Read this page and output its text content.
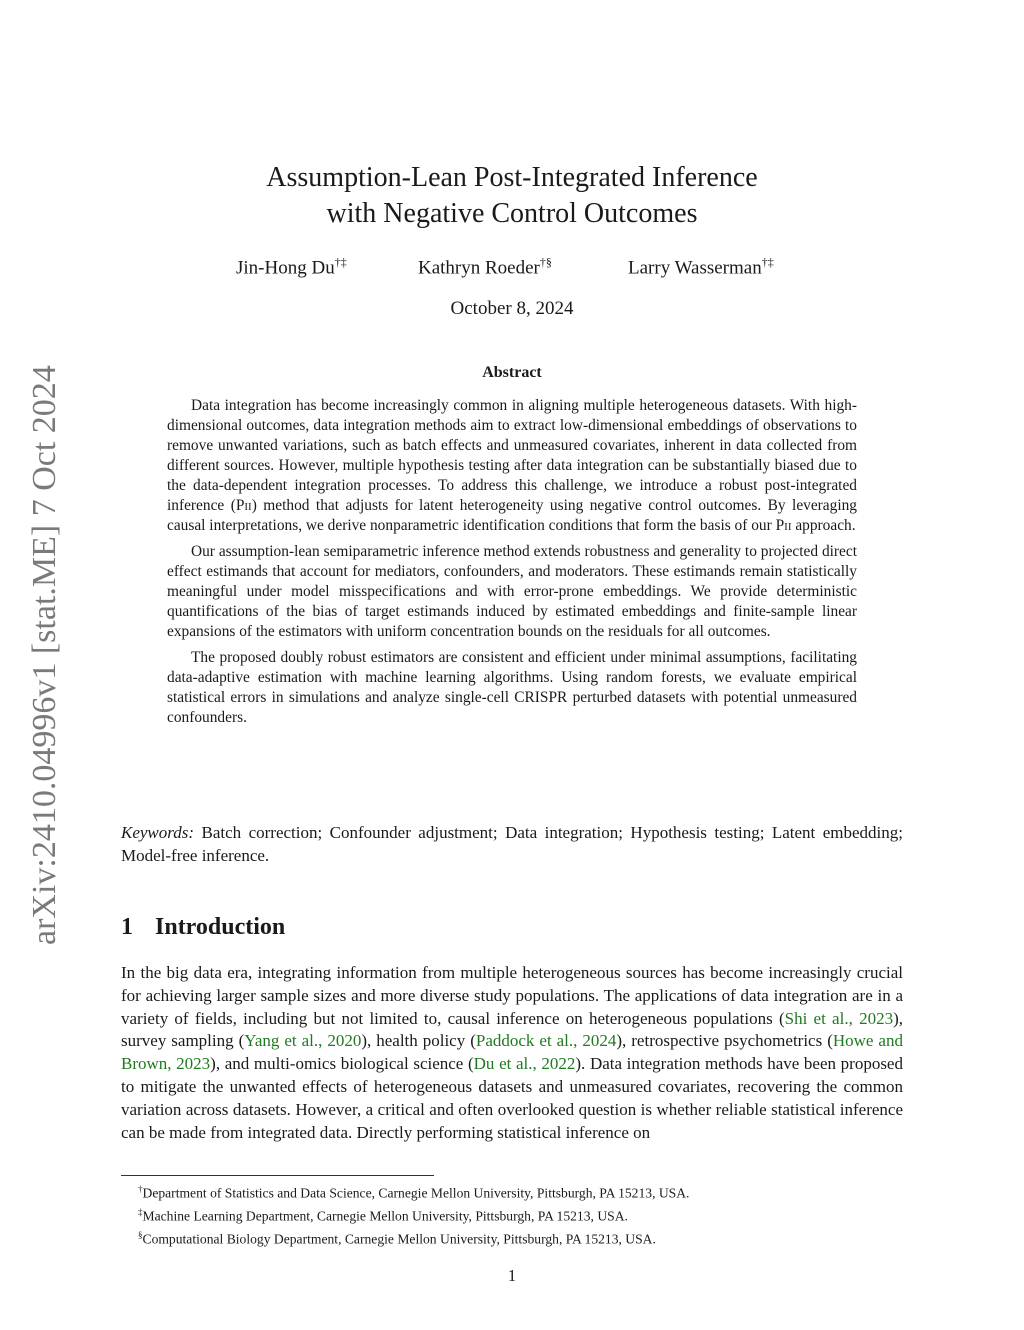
arXiv:2410.04996v1 [stat.ME] 7 Oct 2024
Assumption-Lean Post-Integrated Inference
with Negative Control Outcomes
Jin-Hong Du†‡	Kathryn Roeder†§	Larry Wasserman†‡
October 8, 2024
Abstract

Data integration has become increasingly common in aligning multiple heterogeneous datasets. With high-dimensional outcomes, data integration methods aim to extract low-dimensional embeddings of observations to remove unwanted variations, such as batch effects and unmeasured covariates, inherent in data collected from different sources. However, multiple hypothesis testing after data integration can be substantially biased due to the data-dependent integration processes. To address this challenge, we introduce a robust post-integrated inference (Pii) method that adjusts for latent heterogeneity using negative control outcomes. By leveraging causal interpretations, we derive nonparametric identification conditions that form the basis of our Pii approach.

Our assumption-lean semiparametric inference method extends robustness and generality to projected direct effect estimands that account for mediators, confounders, and moderators. These estimands remain statistically meaningful under model misspecifications and with error-prone embeddings. We provide deterministic quantifications of the bias of target estimands induced by estimated embeddings and finite-sample linear expansions of the estimators with uniform concentration bounds on the residuals for all outcomes.

The proposed doubly robust estimators are consistent and efficient under minimal assumptions, facilitating data-adaptive estimation with machine learning algorithms. Using random forests, we evaluate empirical statistical errors in simulations and analyze single-cell CRISPR perturbed datasets with potential unmeasured confounders.

Keywords: Batch correction; Confounder adjustment; Data integration; Hypothesis testing; Latent embedding; Model-free inference.
1 Introduction

In the big data era, integrating information from multiple heterogeneous sources has become increasingly crucial for achieving larger sample sizes and more diverse study populations. The applications of data integration are in a variety of fields, including but not limited to, causal inference on heterogeneous populations (Shi et al., 2023), survey sampling (Yang et al., 2020), health policy (Paddock et al., 2024), retrospective psychometrics (Howe and Brown, 2023), and multi-omics biological science (Du et al., 2022). Data integration methods have been proposed to mitigate the unwanted effects of heterogeneous datasets and unmeasured covariates, recovering the common variation across datasets. However, a critical and often overlooked question is whether reliable statistical inference can be made from integrated data. Directly performing statistical inference on

†Department of Statistics and Data Science, Carnegie Mellon University, Pittsburgh, PA 15213, USA.
‡Machine Learning Department, Carnegie Mellon University, Pittsburgh, PA 15213, USA.
§Computational Biology Department, Carnegie Mellon University, Pittsburgh, PA 15213, USA.
1
